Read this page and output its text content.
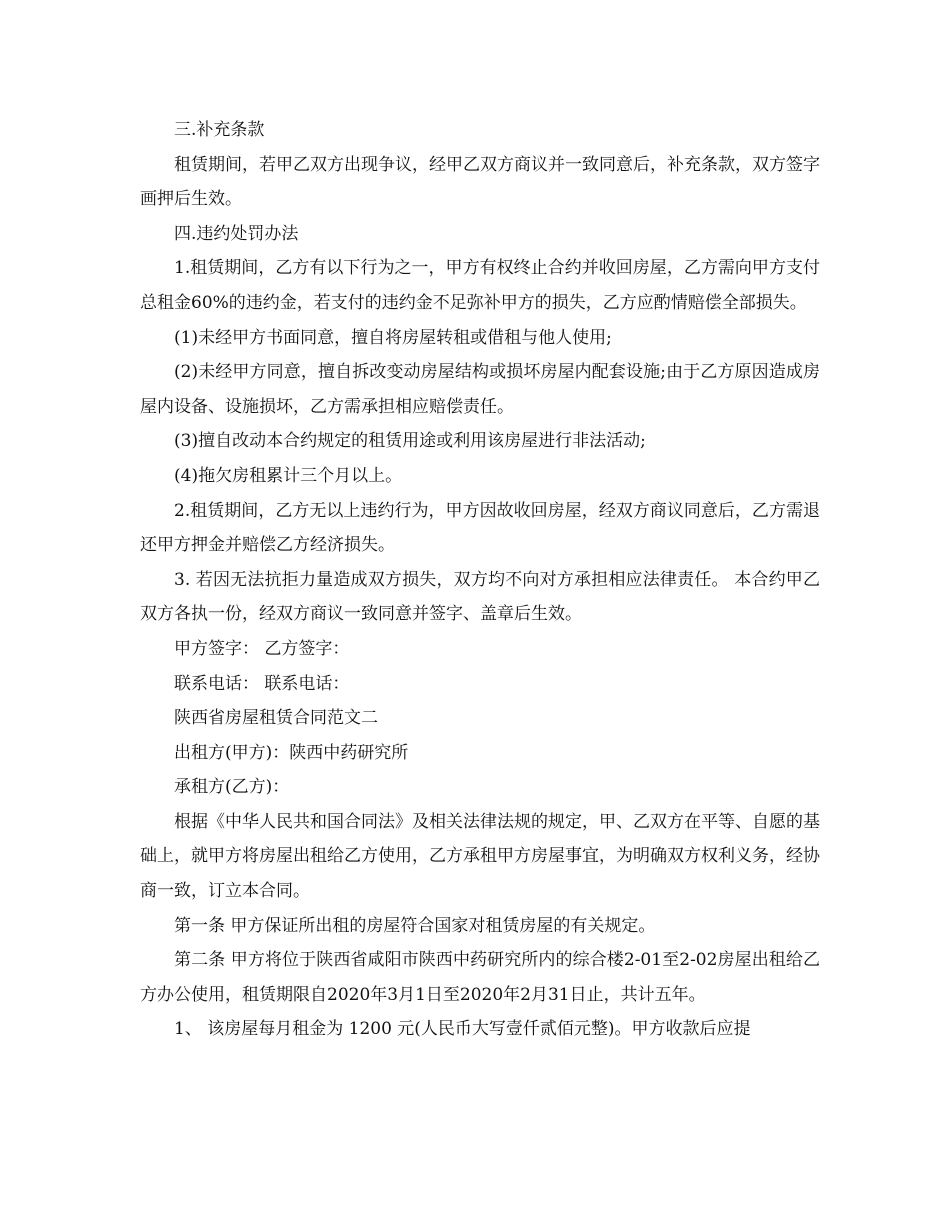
三.补充条款

租赁期间，若甲乙双方出现争议，经甲乙双方商议并一致同意后，补充条款，双方签字画押后生效。

四.违约处罚办法

1.租赁期间，乙方有以下行为之一，甲方有权终止合约并收回房屋，乙方需向甲方支付总租金60%的违约金，若支付的违约金不足弥补甲方的损失，乙方应酌情赔偿全部损失。

(1)未经甲方书面同意，擅自将房屋转租或借租与他人使用;

(2)未经甲方同意，擅自拆改变动房屋结构或损坏房屋内配套设施;由于乙方原因造成房屋内设备、设施损坏，乙方需承担相应赔偿责任。

(3)擅自改动本合约规定的租赁用途或利用该房屋进行非法活动;

(4)拖欠房租累计三个月以上。

2.租赁期间，乙方无以上违约行为，甲方因故收回房屋，经双方商议同意后，乙方需退还甲方押金并赔偿乙方经济损失。

3. 若因无法抗拒力量造成双方损失，双方均不向对方承担相应法律责任。 本合约甲乙双方各执一份，经双方商议一致同意并签字、盖章后生效。

甲方签字： 乙方签字：

联系电话： 联系电话：

陕西省房屋租赁合同范文二

出租方(甲方)：陕西中药研究所

承租方(乙方)：

根据《中华人民共和国合同法》及相关法律法规的规定，甲、乙双方在平等、自愿的基础上，就甲方将房屋出租给乙方使用，乙方承租甲方房屋事宜，为明确双方权利义务，经协商一致，订立本合同。

第一条 甲方保证所出租的房屋符合国家对租赁房屋的有关规定。

第二条 甲方将位于陕西省咸阳市陕西中药研究所内的综合楼2-01至2-02房屋出租给乙方办公使用，租赁期限自2020年3月1日至2020年2月31日止，共计五年。

1、 该房屋每月租金为 1200 元(人民币大写壹仟贰佰元整)。甲方收款后应提
